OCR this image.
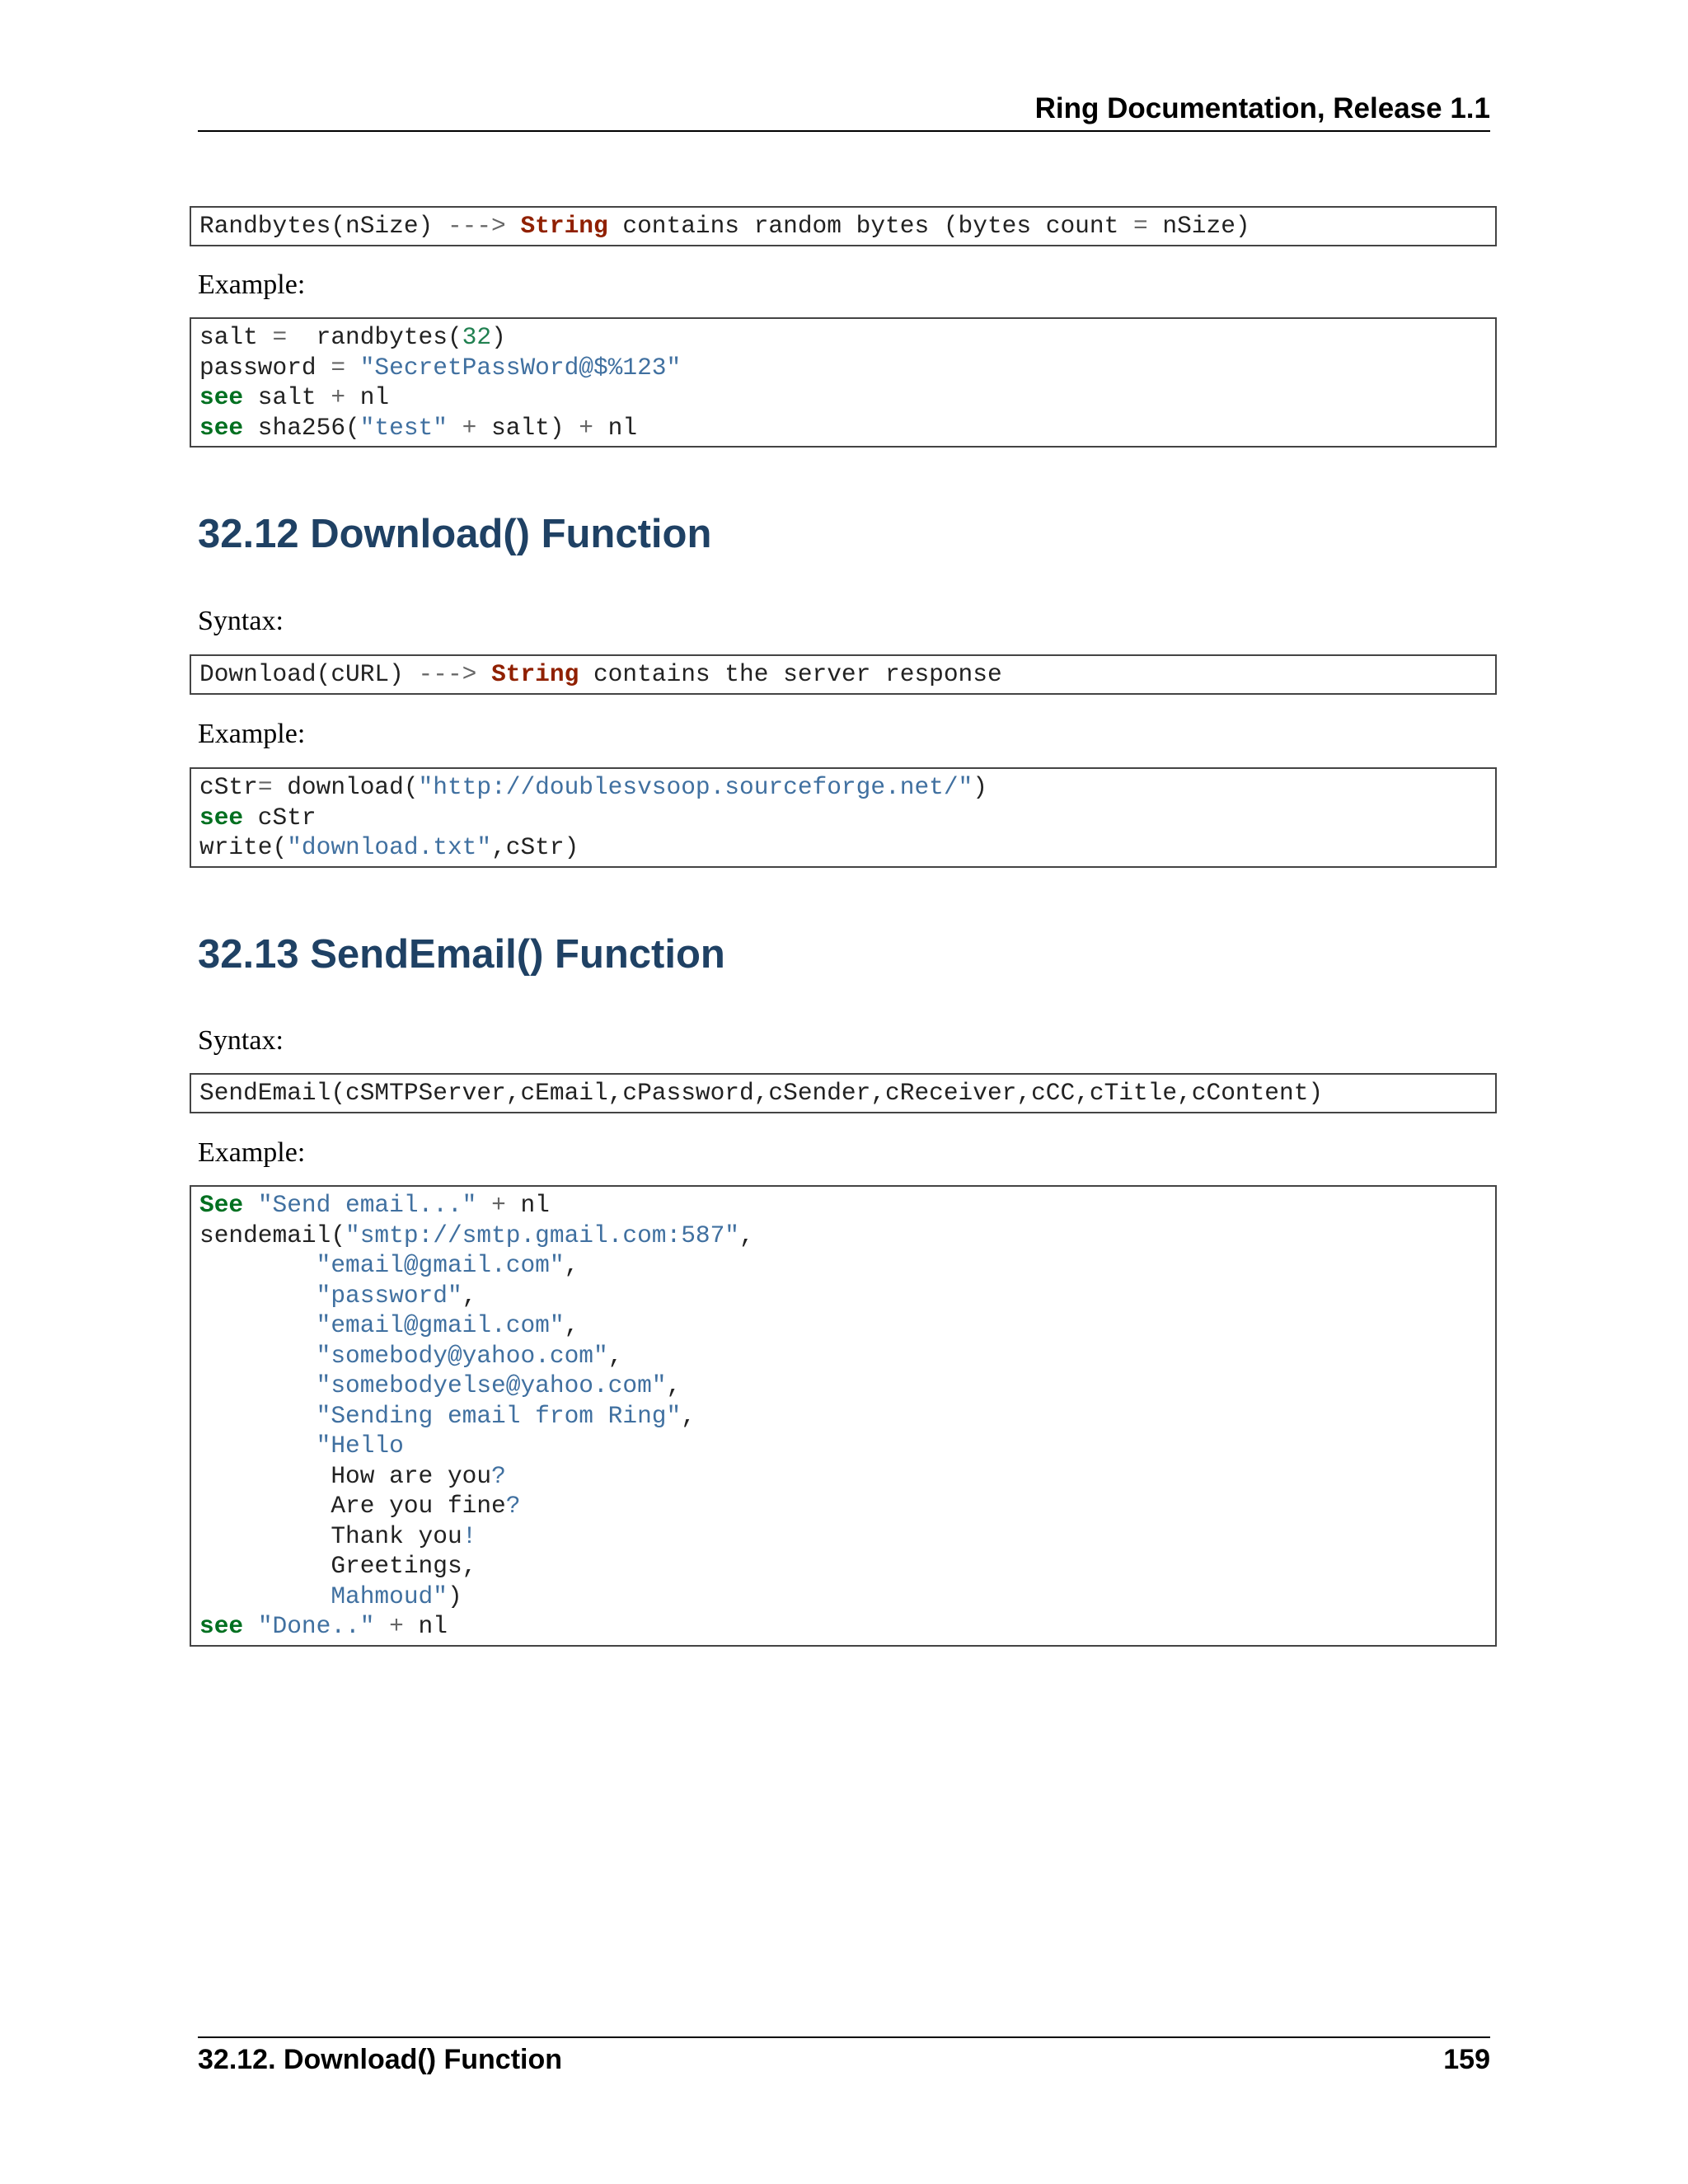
Ring Documentation, Release 1.1
Randbytes(nSize) ---> String contains random bytes (bytes count = nSize)
Example:
salt =  randbytes(32)
password = "SecretPassWord@$%123"
see salt + nl
see sha256("test" + salt) + nl
32.12 Download() Function
Syntax:
Download(cURL) ---> String contains the server response
Example:
cStr= download("http://doublesvsoop.sourceforge.net/")
see cStr
write("download.txt",cStr)
32.13 SendEmail() Function
Syntax:
SendEmail(cSMTPServer,cEmail,cPassword,cSender,cReceiver,cCC,cTitle,cContent)
Example:
See "Send email..." + nl
sendemail("smtp://smtp.gmail.com:587",
"email@gmail.com",
"password",
"email@gmail.com",
"somebody@yahoo.com",
"somebodyelse@yahoo.com",
"Sending email from Ring",
"Hello
How are you?
Are you fine?
Thank you!
Greetings,
Mahmoud")
see "Done.." + nl
32.12. Download() Function	159
